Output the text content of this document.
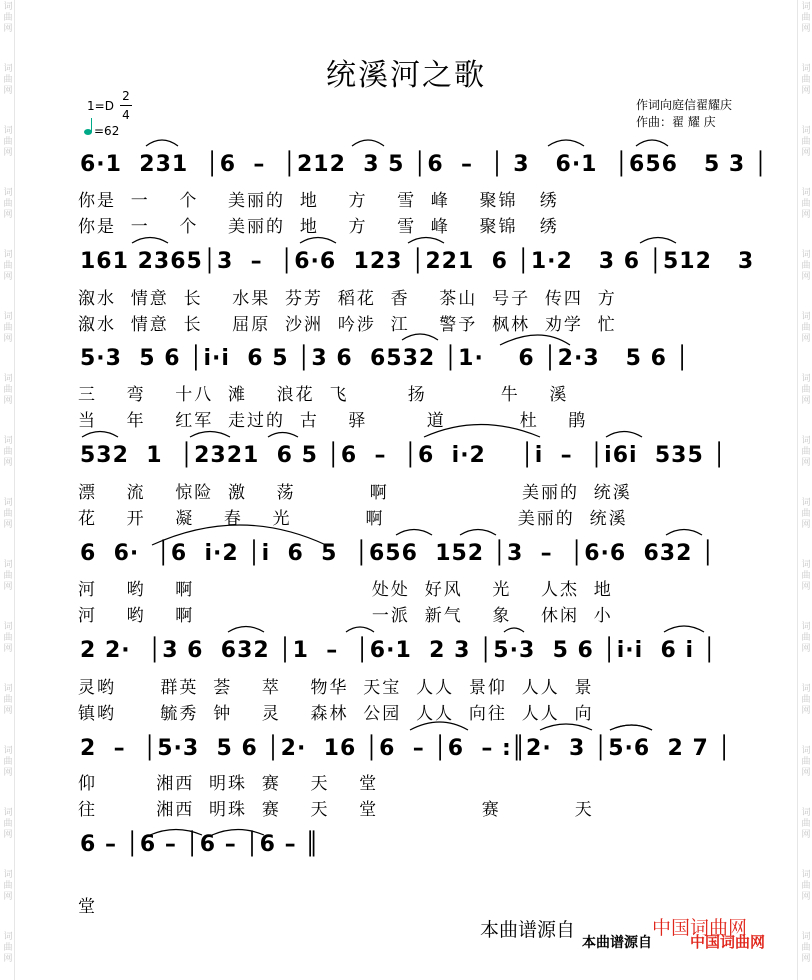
词
曲
网
词
曲
网
词
曲
网
词
曲
网
词
曲
网
词
曲
网
词
曲
网
词
曲
网
词
曲
网
词
曲
网
词
曲
网
词
曲
网
词
曲
网
词
曲
网
词
曲
网
词
曲
网
词
曲
网
词
曲
网
词
曲
网
词
曲
网
词
曲
网
词
曲
网
词
曲
网
词
曲
网
词
曲
网
词
曲
网
词
曲
网
词
曲
网
词
曲
网
词
曲
网
词
曲
网
词
曲
网
统溪河之歌
1=D
2
4
=62
作词向庭信翟耀庆
作曲：翟 耀 庆
6·1  231  │6  –  │212  3 5 │6  –  │ 3   6·1  │656   5 3 │
你是  一    个    美丽的  地    方    雪  峰    聚锦   绣
你是  一    个    美丽的  地    方    雪  峰    聚锦   绣
161 2365│3  –  │6·6  123 │221  6 │1·2   3 6 │512   3
溆水  情意  长    水果  芬芳  稻花  香    茶山  号子  传四  方
溆水  情意  长    屈原  沙洲  吟涉  江    警予  枫林  劝学  忙
5·3  5 6 │i·i  6 5 │3 6  6532 │1·    6 │2·3   5 6 │
三    弯    十八  滩    浪花  飞        扬          牛    溪
当    年    红军  走过的  古    驿        道          杜    鹃
532  1  │2321  6 5 │6  –  │6  i·2    │i  –  │i6i  535 │
漂    流    惊险  激    荡          啊                  美丽的  统溪
花    开    凝    春    光          啊                  美丽的  统溪
6  6·  │6  i·2 │i  6  5  │656  152 │3  –  │6·6  632 │
河    哟    啊                        处处  好风    光    人杰  地
河    哟    啊                        一派  新气    象    休闲  小
2 2·  │3 6  632 │1  –  │6·1  2 3 │5·3  5 6 │i·i  6 i │
灵哟      群英  荟    萃    物华  天宝  人人  景仰  人人  景
镇哟      毓秀  钟    灵    森林  公园  人人  向往  人人  向
2  –  │5·3  5 6 │2·  16 │6  – │6  – :║2·  3 │5·6  2 7 │
仰        湘西  明珠  赛    天    堂
往        湘西  明珠  赛    天    堂              赛          天
6 – │6 – │6 – │6 – ║
堂
本曲谱源自	中国词曲网
本曲谱源自	中国词曲网
